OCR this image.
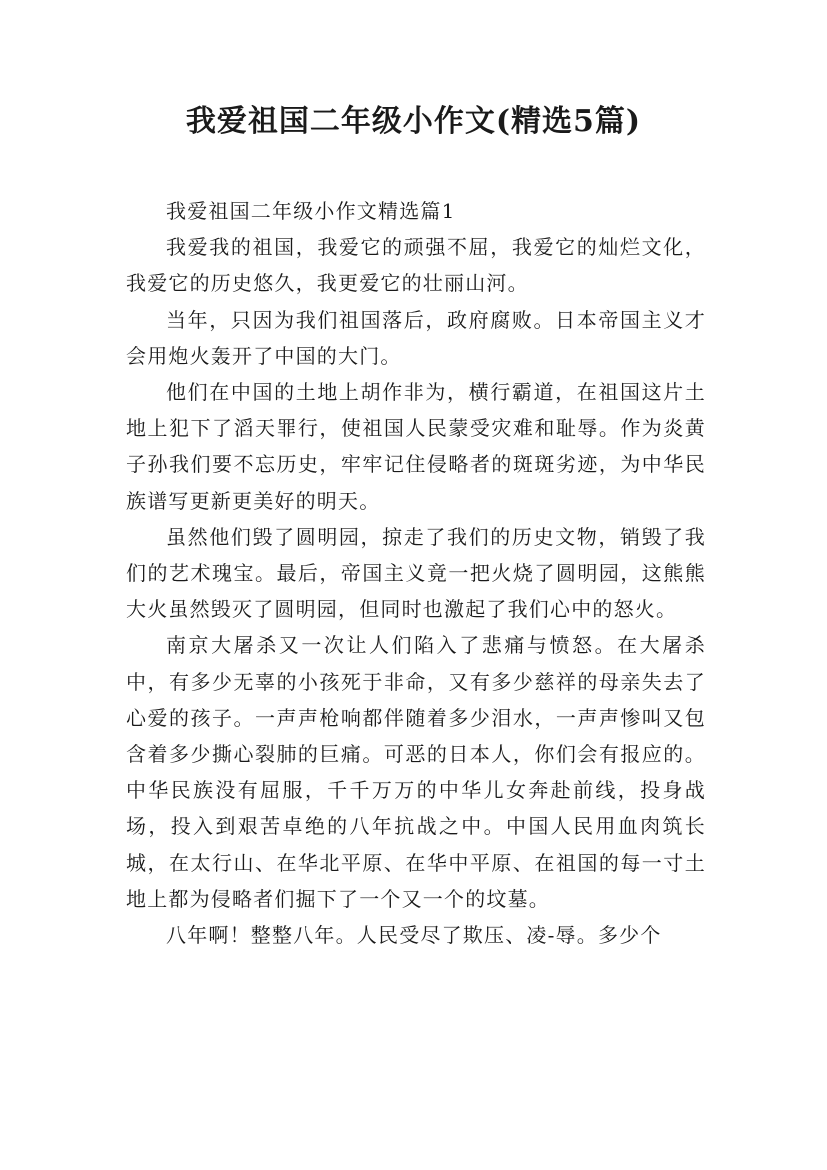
我爱祖国二年级小作文(精选5篇)

我爱祖国二年级小作文精选篇1

我爱我的祖国，我爱它的顽强不屈，我爱它的灿烂文化，我爱它的历史悠久，我更爱它的壮丽山河。

当年，只因为我们祖国落后，政府腐败。日本帝国主义才会用炮火轰开了中国的大门。

他们在中国的土地上胡作非为，横行霸道，在祖国这片土地上犯下了滔天罪行，使祖国人民蒙受灾难和耻辱。作为炎黄子孙我们要不忘历史，牢牢记住侵略者的斑斑劣迹，为中华民族谱写更新更美好的明天。

虽然他们毁了圆明园，掠走了我们的历史文物，销毁了我们的艺术瑰宝。最后，帝国主义竟一把火烧了圆明园，这熊熊大火虽然毁灭了圆明园，但同时也激起了我们心中的怒火。

南京大屠杀又一次让人们陷入了悲痛与愤怒。在大屠杀中，有多少无辜的小孩死于非命，又有多少慈祥的母亲失去了心爱的孩子。一声声枪响都伴随着多少泪水，一声声惨叫又包含着多少撕心裂肺的巨痛。可恶的日本人，你们会有报应的。中华民族没有屈服，千千万万的中华儿女奔赴前线，投身战场，投入到艰苦卓绝的八年抗战之中。中国人民用血肉筑长城，在太行山、在华北平原、在华中平原、在祖国的每一寸土地上都为侵略者们掘下了一个又一个的坟墓。

八年啊！整整八年。人民受尽了欺压、凌-辱。多少个
